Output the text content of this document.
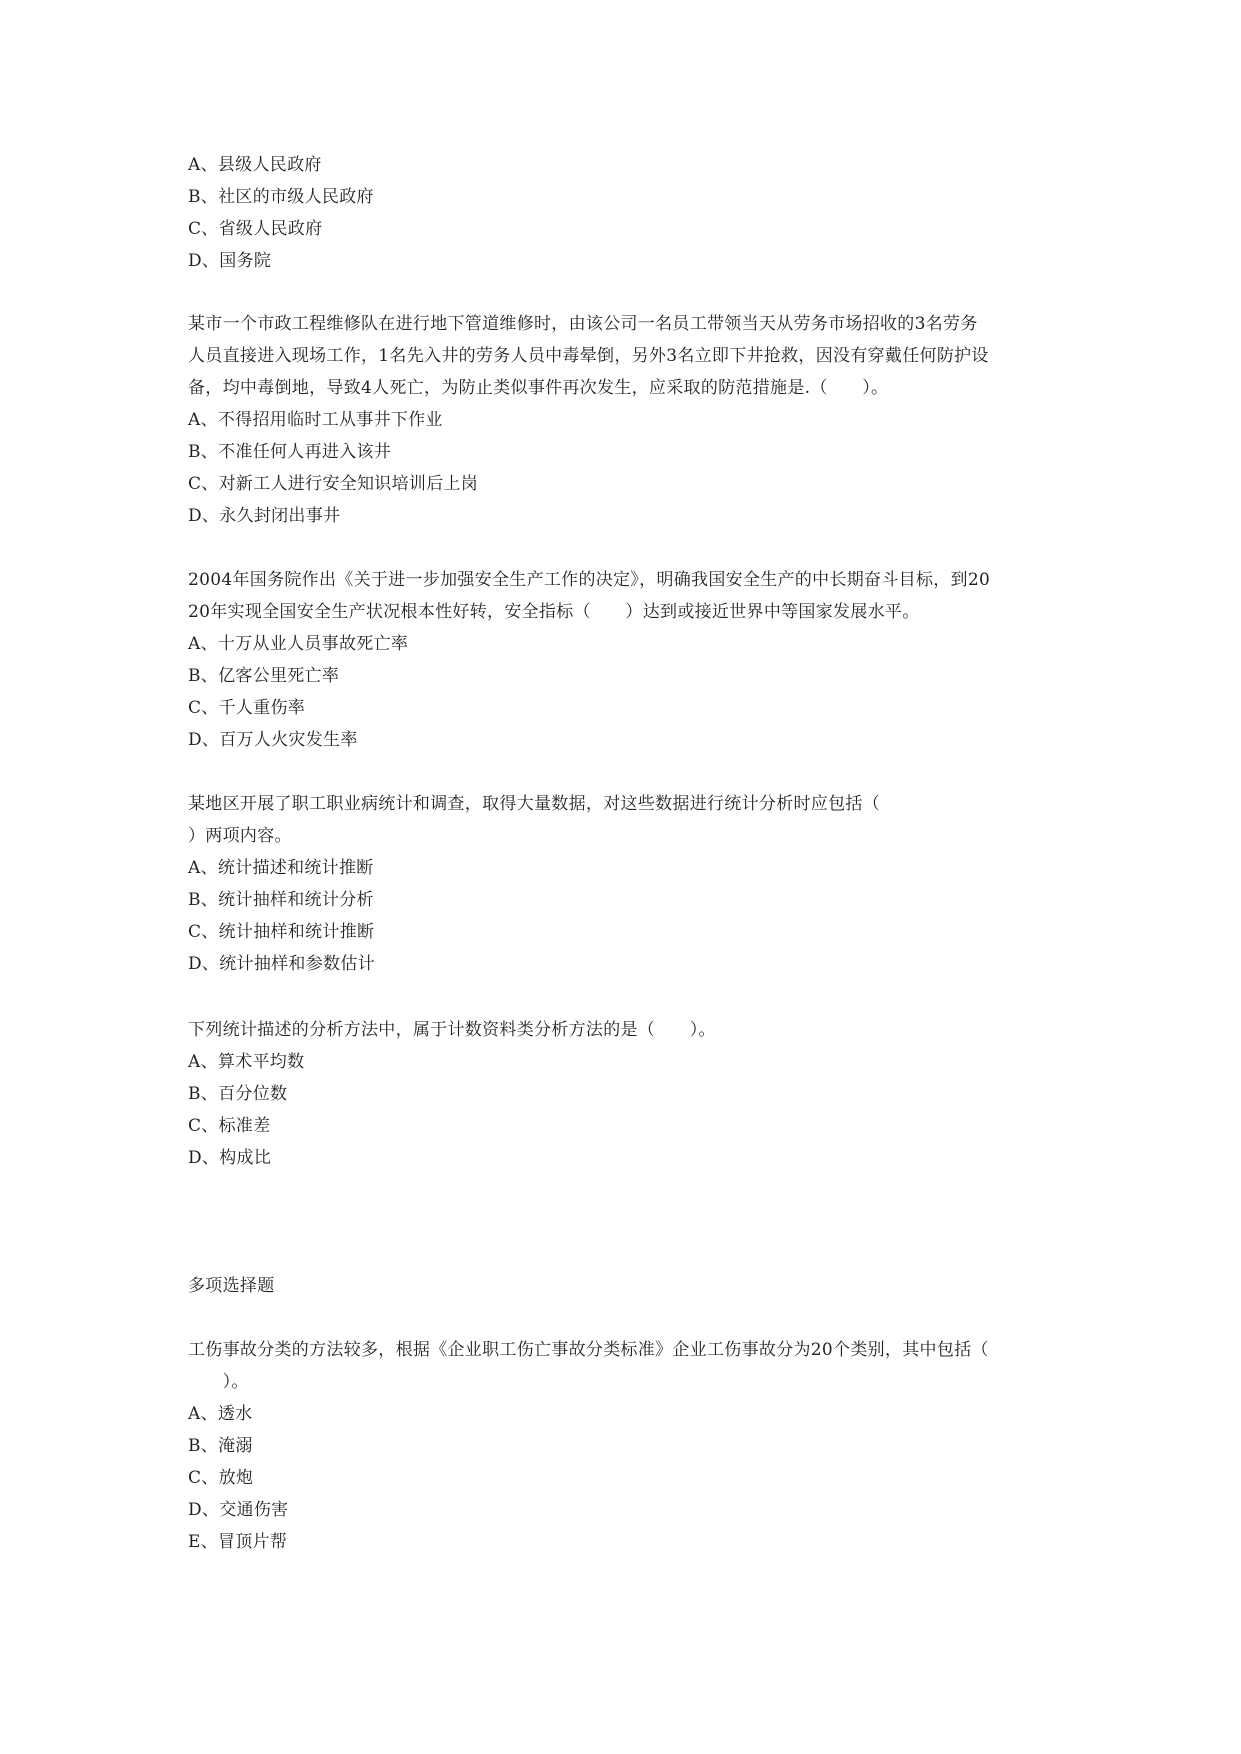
A、县级人民政府
B、社区的市级人民政府
C、省级人民政府
D、国务院
某市一个市政工程维修队在进行地下管道维修时，由该公司一名员工带领当天从劳务市场招收的3名劳务
人员直接进入现场工作，1名先入井的劳务人员中毒晕倒，另外3名立即下井抢救，因没有穿戴任何防护设
备，均中毒倒地，导致4人死亡，为防止类似事件再次发生，应采取的防范措施是.（　　）。
A、不得招用临时工从事井下作业
B、不准任何人再进入该井
C、对新工人进行安全知识培训后上岗
D、永久封闭出事井
2004年国务院作出《关于进一步加强安全生产工作的决定》，明确我国安全生产的中长期奋斗目标，到20
20年实现全国安全生产状况根本性好转，安全指标（　　）达到或接近世界中等国家发展水平。
A、十万从业人员事故死亡率
B、亿客公里死亡率
C、千人重伤率
D、百万人火灾发生率
某地区开展了职工职业病统计和调查，取得大量数据，对这些数据进行统计分析时应包括（
）两项内容。
A、统计描述和统计推断
B、统计抽样和统计分析
C、统计抽样和统计推断
D、统计抽样和参数估计
下列统计描述的分析方法中，属于计数资料类分析方法的是（　　）。
A、算术平均数
B、百分位数
C、标准差
D、构成比
多项选择题
工伤事故分类的方法较多，根据《企业职工伤亡事故分类标准》企业工伤事故分为20个类别，其中包括（
　　）。
A、透水
B、淹溺
C、放炮
D、交通伤害
E、冒顶片帮
